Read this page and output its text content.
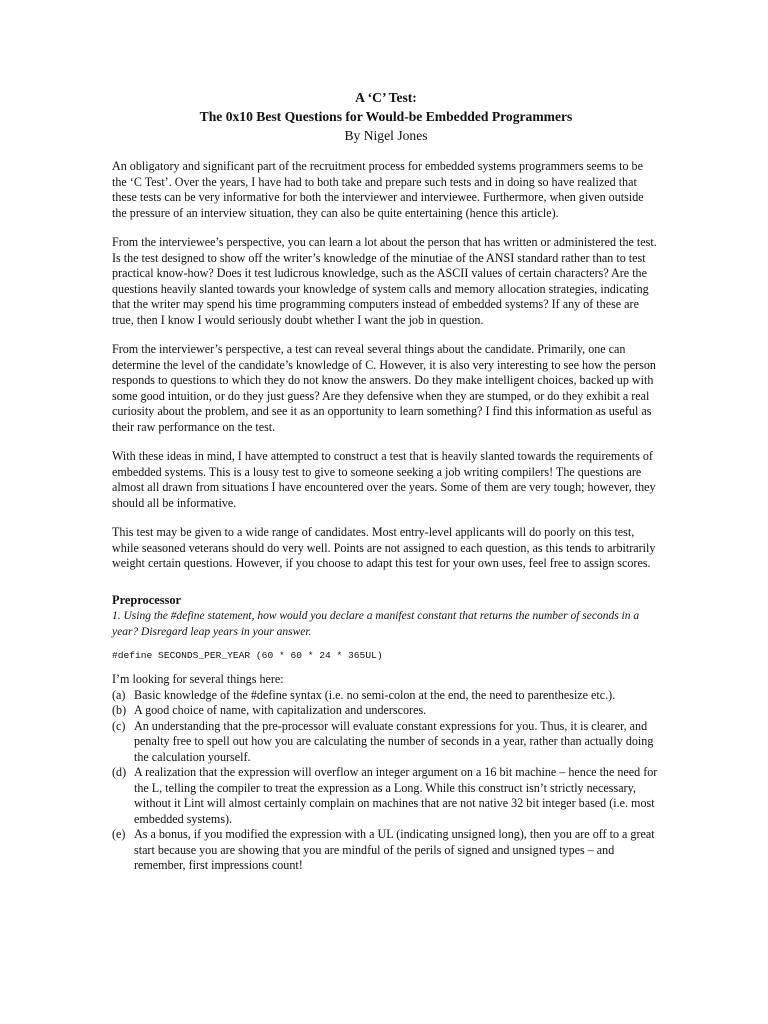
A ‘C’ Test:
The 0x10 Best Questions for Would-be Embedded Programmers
By Nigel Jones

An obligatory and significant part of the recruitment process for embedded systems programmers seems to be the ‘C Test’. Over the years, I have had to both take and prepare such tests and in doing so have realized that these tests can be very informative for both the interviewer and interviewee. Furthermore, when given outside the pressure of an interview situation, they can also be quite entertaining (hence this article).

From the interviewee’s perspective, you can learn a lot about the person that has written or administered the test. Is the test designed to show off the writer’s knowledge of the minutiae of the ANSI standard rather than to test practical know-how? Does it test ludicrous knowledge, such as the ASCII values of certain characters? Are the questions heavily slanted towards your knowledge of system calls and memory allocation strategies, indicating that the writer may spend his time programming computers instead of embedded systems? If any of these are true, then I know I would seriously doubt whether I want the job in question.

From the interviewer’s perspective, a test can reveal several things about the candidate. Primarily, one can determine the level of the candidate’s knowledge of C. However, it is also very interesting to see how the person responds to questions to which they do not know the answers. Do they make intelligent choices, backed up with some good intuition, or do they just guess? Are they defensive when they are stumped, or do they exhibit a real curiosity about the problem, and see it as an opportunity to learn something? I find this information as useful as their raw performance on the test.

With these ideas in mind, I have attempted to construct a test that is heavily slanted towards the requirements of embedded systems. This is a lousy test to give to someone seeking a job writing compilers! The questions are almost all drawn from situations I have encountered over the years. Some of them are very tough; however, they should all be informative.

This test may be given to a wide range of candidates. Most entry-level applicants will do poorly on this test, while seasoned veterans should do very well. Points are not assigned to each question, as this tends to arbitrarily weight certain questions. However, if you choose to adapt this test for your own uses, feel free to assign scores.

Preprocessor
1. Using the #define statement, how would you declare a manifest constant that returns the number of seconds in a year? Disregard leap years in your answer.
#define SECONDS_PER_YEAR (60 * 60 * 24 * 365UL)
I’m looking for several things here:
(a) Basic knowledge of the #define syntax (i.e. no semi-colon at the end, the need to parenthesize etc.).
(b) A good choice of name, with capitalization and underscores.
(c) An understanding that the pre-processor will evaluate constant expressions for you. Thus, it is clearer, and penalty free to spell out how you are calculating the number of seconds in a year, rather than actually doing the calculation yourself.
(d) A realization that the expression will overflow an integer argument on a 16 bit machine – hence the need for the L, telling the compiler to treat the expression as a Long. While this construct isn’t strictly necessary, without it Lint will almost certainly complain on machines that are not native 32 bit integer based (i.e. most embedded systems).
(e) As a bonus, if you modified the expression with a UL (indicating unsigned long), then you are off to a great start because you are showing that you are mindful of the perils of signed and unsigned types – and remember, first impressions count!
